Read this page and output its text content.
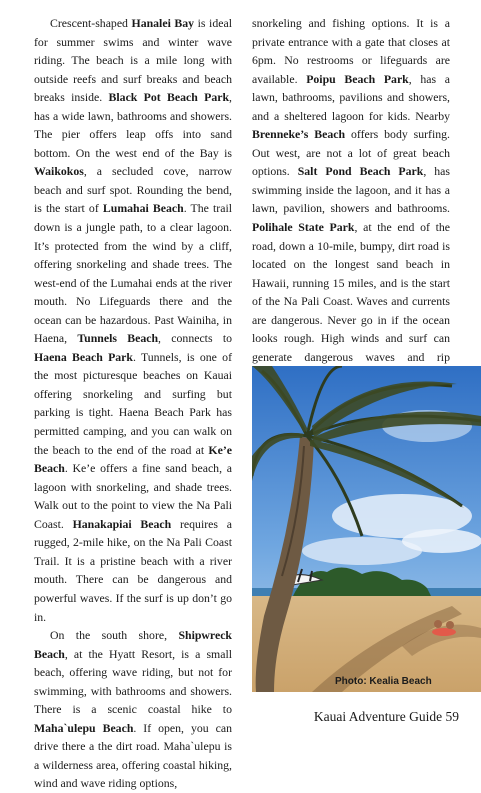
Crescent-shaped Hanalei Bay is ideal for summer swims and winter wave riding. The beach is a mile long with outside reefs and surf breaks and beach breaks inside. Black Pot Beach Park, has a wide lawn, bathrooms and showers. The pier offers leap offs into sand bottom. On the west end of the Bay is Waikokos, a secluded cove, narrow beach and surf spot. Rounding the bend, is the start of Lumahai Beach. The trail down is a jungle path, to a clear lagoon. It’s protected from the wind by a cliff, offering snorkeling and shade trees. The west-end of the Lumahai ends at the river mouth. No Lifeguards there and the ocean can be hazardous. Past Wainiha, in Haena, Tunnels Beach, connects to Haena Beach Park. Tunnels, is one of the most picturesque beaches on Kauai offering snorkeling and surfing but parking is tight. Haena Beach Park has permitted camping, and you can walk on the beach to the end of the road at Ke’e Beach. Ke’e offers a fine sand beach, a lagoon with snorkeling, and shade trees. Walk out to the point to view the Na Pali Coast. Hanakapiai Beach requires a rugged, 2-mile hike, on the Na Pali Coast Trail. It is a pristine beach with a river mouth. There can be dangerous and powerful waves. If the surf is up don’t go in.

On the south shore, Shipwreck Beach, at the Hyatt Resort, is a small beach, offering wave riding, but not for swimming, with bathrooms and showers. There is a scenic coastal hike to Maha`ulepu Beach. If open, you can drive there a the dirt road. Maha`ulepu is a wilderness area, offering coastal hiking, wind and wave riding options,

snorkeling and fishing options. It is a private entrance with a gate that closes at 6pm. No restrooms or lifeguards are available. Poipu Beach Park, has a lawn, bathrooms, pavilions and showers, and a sheltered lagoon for kids. Nearby Brenneke’s Beach offers body surfing. Out west, are not a lot of great beach options. Salt Pond Beach Park, has swimming inside the lagoon, and it has a lawn, pavilion, showers and bathrooms. Polihale State Park, at the end of the road, down a 10-mile, bumpy, dirt road is located on the longest sand beach in Hawaii, running 15 miles, and is the start of the Na Pali Coast. Waves and currents are dangerous. Never go in if the ocean looks rough. High winds and surf can generate dangerous waves and rip

Photo: Kealia Beach
Kauai Adventure Guide 59
